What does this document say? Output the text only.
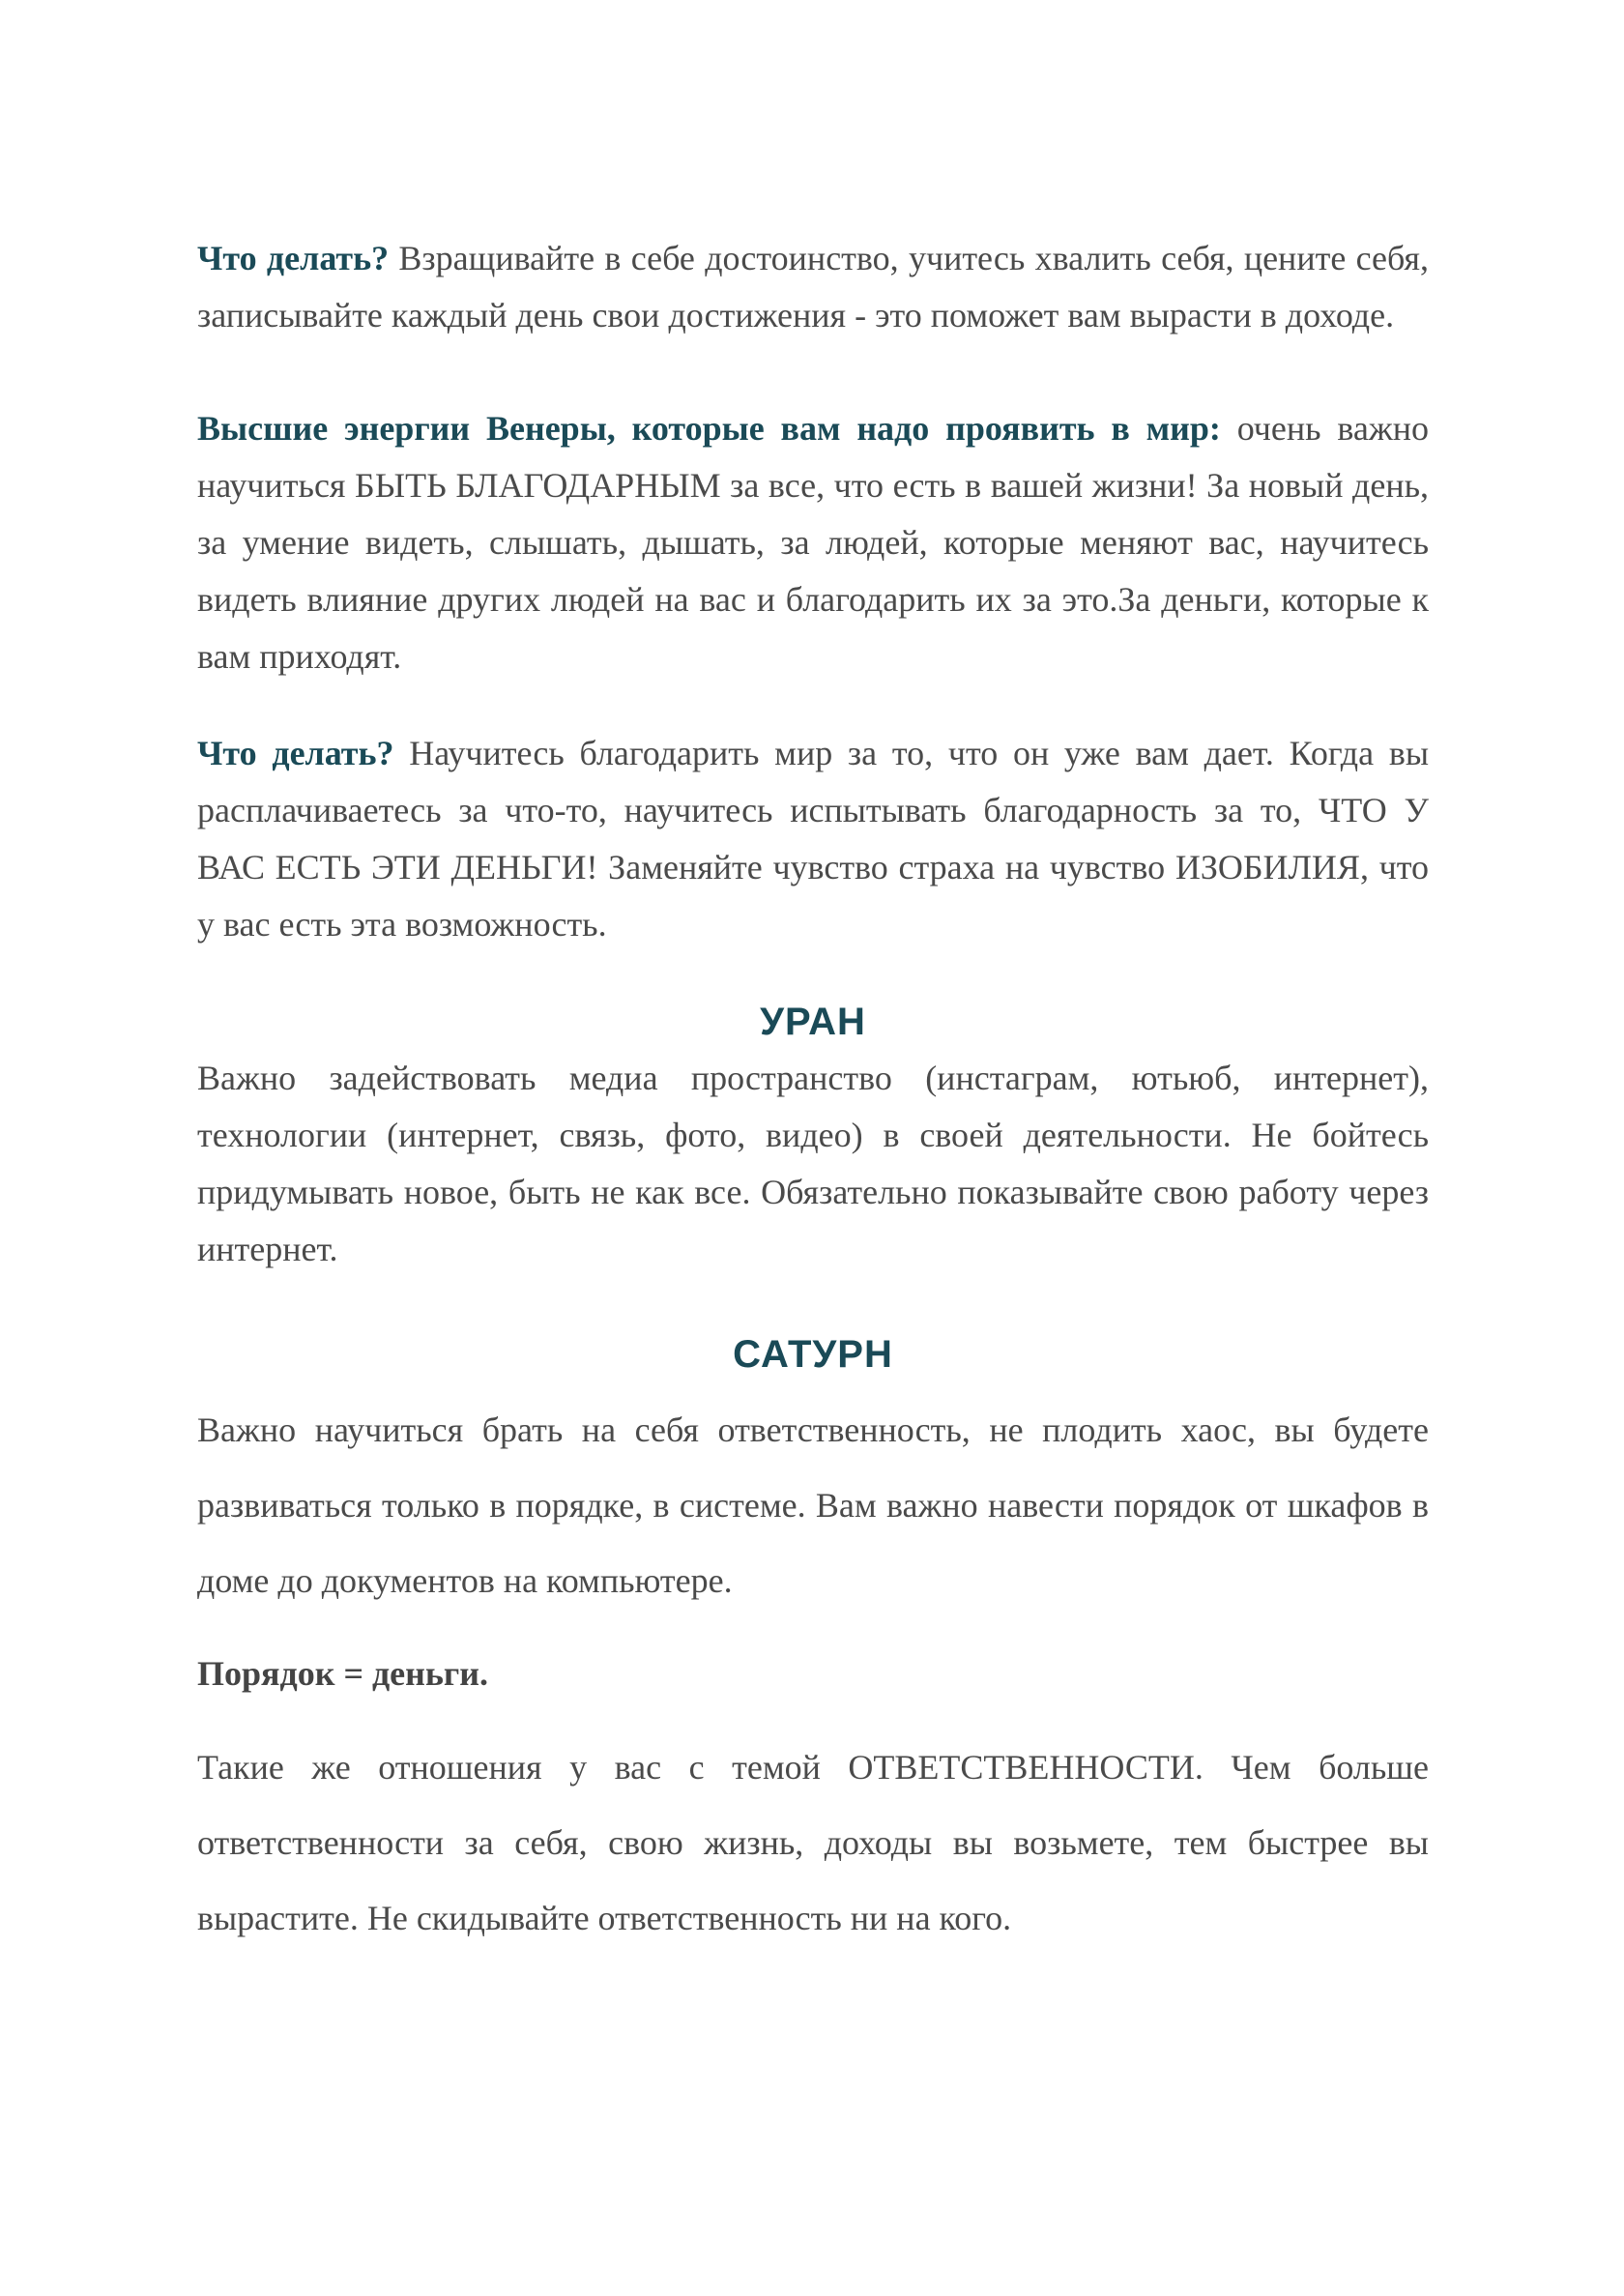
Что делать? Взращивайте в себе достоинство, учитесь хвалить себя, цените себя, записывайте каждый день свои достижения - это поможет вам вырасти в доходе.

Высшие энергии Венеры, которые вам надо проявить в мир: очень важно научиться БЫТЬ БЛАГОДАРНЫМ за все, что есть в вашей жизни! За новый день, за умение видеть, слышать, дышать, за людей, которые меняют вас, научитесь видеть влияние других людей на вас и благодарить их за это.За деньги, которые к вам приходят.

Что делать? Научитесь благодарить мир за то, что он уже вам дает. Когда вы расплачиваетесь за что-то, научитесь испытывать благодарность за то, ЧТО У ВАС ЕСТЬ ЭТИ ДЕНЬГИ! Заменяйте чувство страха на чувство ИЗОБИЛИЯ, что у вас есть эта возможность.

УРАН

Важно задействовать медиа пространство (инстаграм, ютьюб, интернет), технологии (интернет, связь, фото, видео) в своей деятельности. Не бойтесь придумывать новое, быть не как все. Обязательно показывайте свою работу через интернет.

САТУРН

Важно научиться брать на себя ответственность, не плодить хаос, вы будете развиваться только в порядке, в системе. Вам важно навести порядок от шкафов в доме до документов на компьютере.

Порядок = деньги.

Такие же отношения у вас с темой ОТВЕТСТВЕННОСТИ. Чем больше ответственности за себя, свою жизнь, доходы вы возьмете, тем быстрее вы вырастите. Не скидывайте ответственность ни на кого.
